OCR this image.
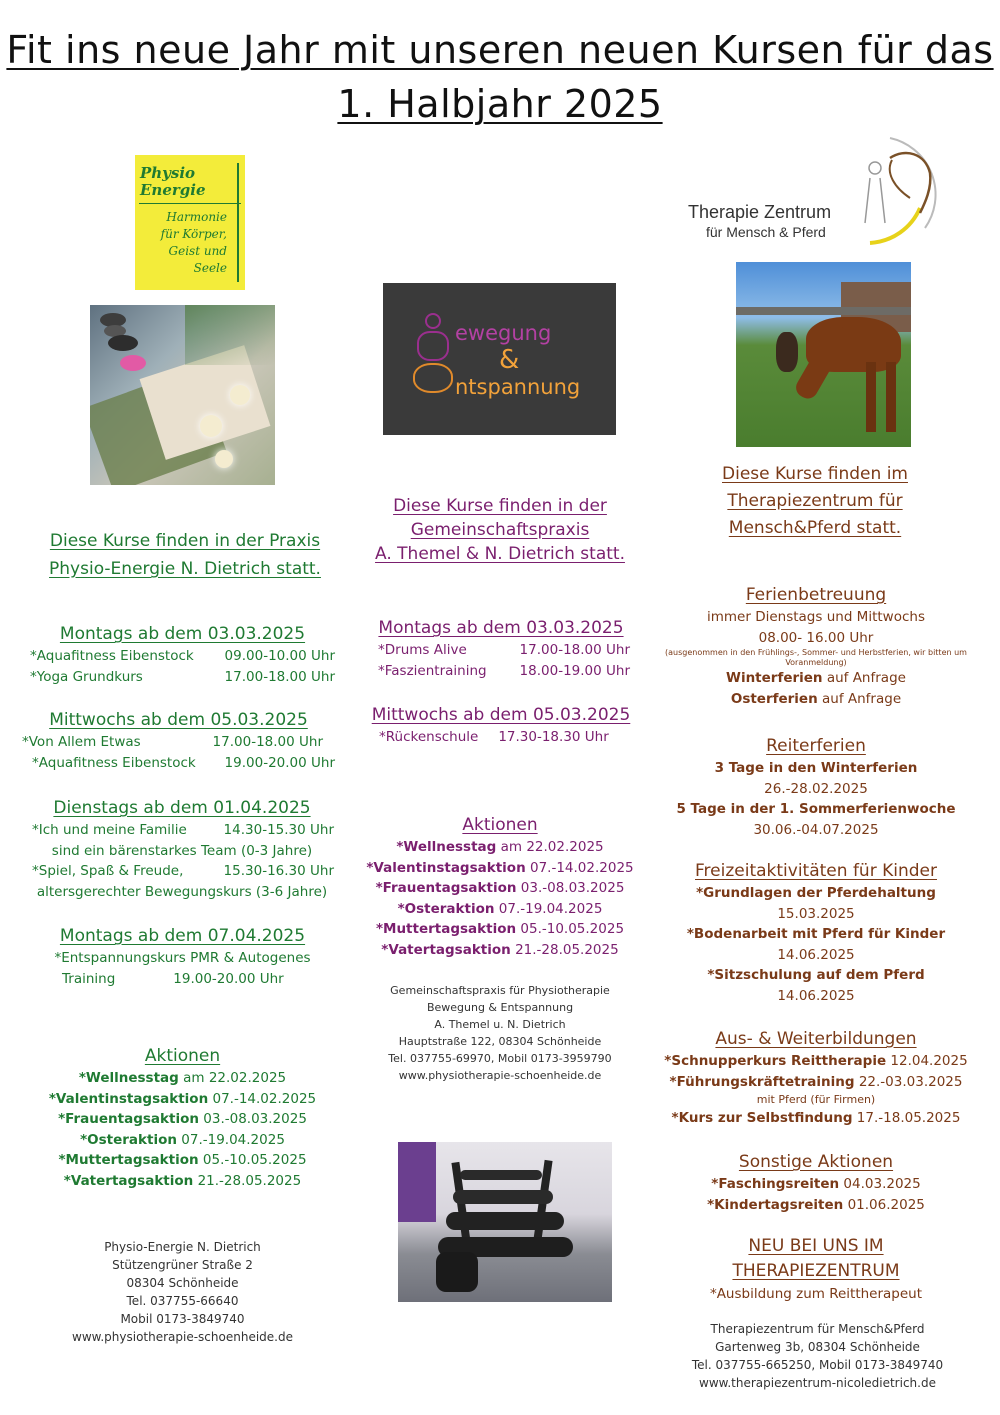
Fit ins neue Jahr mit unseren neuen Kursen für das
1. Halbjahr 2025
Physio
Energie
Harmonie
für Körper,
Geist und
Seele
ewegung
&
ntspannung
Therapie Zentrum
für Mensch & Pferd
Diese Kurse finden in der Praxis
Physio-Energie N. Dietrich statt.
Montags ab dem 03.03.2025
*Aquafitness Eibenstock 09.00-10.00 Uhr
*Yoga Grundkurs	17.00-18.00 Uhr
Mittwochs ab dem 05.03.2025
*Von Allem Etwas	17.00-18.00 Uhr
*Aquafitness Eibenstock 19.00-20.00 Uhr
Dienstags ab dem 01.04.2025
*Ich und meine Familie	14.30-15.30 Uhr
sind ein bärenstarkes Team (0-3 Jahre)
*Spiel, Spaß & Freude,	15.30-16.30 Uhr
altersgerechter Bewegungskurs (3-6 Jahre)
Montags ab dem 07.04.2025
*Entspannungskurs PMR & Autogenes
Training	19.00-20.00 Uhr
Aktionen
*Wellnesstag am 22.02.2025
*Valentinstagsaktion 07.-14.02.2025
*Frauentagsaktion 03.-08.03.2025
*Osteraktion 07.-19.04.2025
*Muttertagsaktion 05.-10.05.2025
*Vatertagsaktion 21.-28.05.2025
Physio-Energie N. Dietrich
Stützengrüner Straße 2
08304 Schönheide
Tel. 037755-66640
Mobil 0173-3849740
www.physiotherapie-schoenheide.de
Diese Kurse finden in der
Gemeinschaftspraxis
A. Themel & N. Dietrich statt.
Montags ab dem 03.03.2025
*Drums Alive	17.00-18.00 Uhr
*Faszientraining 18.00-19.00 Uhr
Mittwochs ab dem 05.03.2025
*Rückenschule 17.30-18.30 Uhr
Aktionen
*Wellnesstag am 22.02.2025
*Valentinstagsaktion 07.-14.02.2025
*Frauentagsaktion 03.-08.03.2025
*Osteraktion 07.-19.04.2025
*Muttertagsaktion 05.-10.05.2025
*Vatertagsaktion 21.-28.05.2025
Gemeinschaftspraxis für Physiotherapie
Bewegung & Entspannung
A. Themel u. N. Dietrich
Hauptstraße 122, 08304 Schönheide
Tel. 037755-69970, Mobil 0173-3959790
www.physiotherapie-schoenheide.de
Diese Kurse finden im
Therapiezentrum für
Mensch&Pferd statt.
Ferienbetreuung
immer Dienstags und Mittwochs
08.00- 16.00 Uhr
(ausgenommen in den Frühlings-, Sommer- und Herbstferien, wir bitten um Voranmeldung)
Winterferien auf Anfrage
Osterferien auf Anfrage
Reiterferien
3 Tage in den Winterferien
26.-28.02.2025
5 Tage in der 1. Sommerferienwoche
30.06.-04.07.2025
Freizeitaktivitäten für Kinder
*Grundlagen der Pferdehaltung
15.03.2025
*Bodenarbeit mit Pferd für Kinder
14.06.2025
*Sitzschulung auf dem Pferd
14.06.2025
Aus- & Weiterbildungen
*Schnupperkurs Reittherapie 12.04.2025
*Führungskräftetraining 22.-03.03.2025
mit Pferd (für Firmen)
*Kurs zur Selbstfindung 17.-18.05.2025
Sonstige Aktionen
*Faschingsreiten 04.03.2025
*Kindertagsreiten 01.06.2025
NEU BEI UNS IM
THERAPIEZENTRUM
*Ausbildung zum Reittherapeut
Therapiezentrum für Mensch&Pferd
Gartenweg 3b, 08304 Schönheide
Tel. 037755-665250, Mobil 0173-3849740
www.therapiezentrum-nicoledietrich.de
